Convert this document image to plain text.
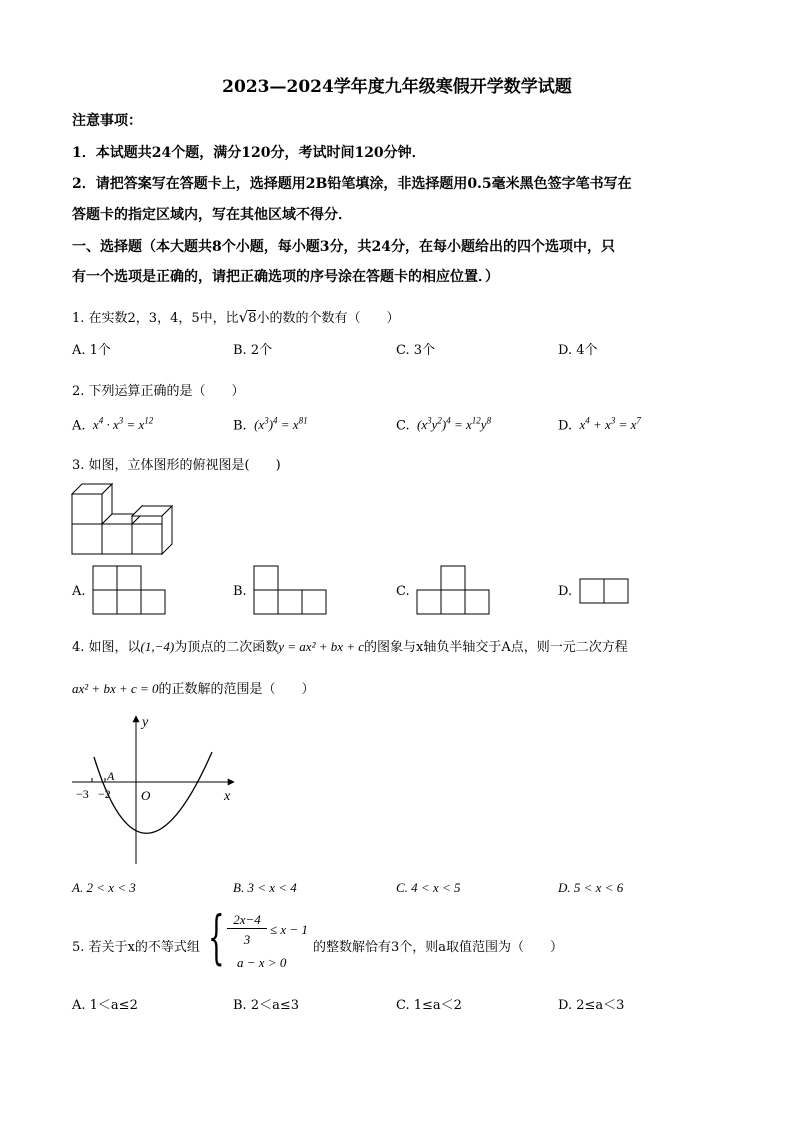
2023—2024学年度九年级寒假开学数学试题
注意事项：
1．本试题共24个题，满分120分，考试时间120分钟．
2．请把答案写在答题卡上，选择题用2B铅笔填涂，非选择题用0.5毫米黑色签字笔书写在
答题卡的指定区域内，写在其他区域不得分．
一、选择题（本大题共8个小题，每小题3分，共24分，在每小题给出的四个选项中，只
有一个选项是正确的，请把正确选项的序号涂在答题卡的相应位置．）
1. 在实数2，3，4，5中，比√8小的数的个数有（　　）
A. 1个	B. 2个	C. 3个	D. 4个
2. 下列运算正确的是（　　）
A.  $x^4 \cdot x^3 = x^{12}$	B.  $(x^3)^4 = x^{81}$	C.  $(x^3y^2)^4 = x^{12}y^8$	D.  $x^4 + x^3 = x^7$
3. 如图，立体图形的俯视图是(　　)
A.	B.	C.	D.
4. 如图，以(1,−4)为顶点的二次函数y = ax² + bx + c的图象与x轴负半轴交于A点，则一元二次方程
ax² + bx + c = 0的正数解的范围是（　　）
y
x
O
−3 −2
A
A. 2 < x < 3	B. 3 < x < 4	C. 4 < x < 5	D. 5 < x < 6
5. 若关于x的不等式组 { 2x−4
3
≤ x − 1
a − x > 0
的整数解恰有3个，则a取值范围为（　　）
A. 1＜a≤2	B. 2＜a≤3	C. 1≤a＜2	D. 2≤a＜3
